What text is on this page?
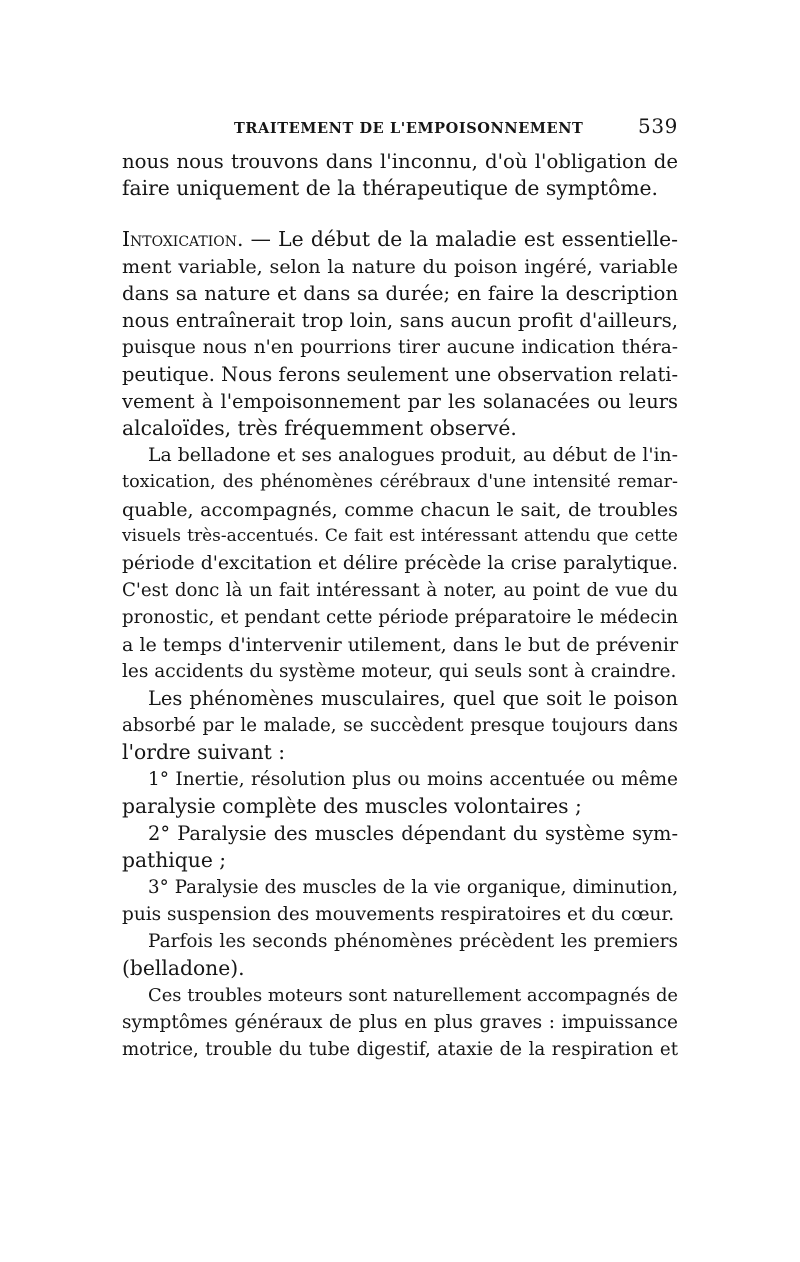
TRAITEMENT DE L'EMPOISONNEMENT	539
nous nous trouvons dans l'inconnu, d'où l'obligation de
faire uniquement de la thérapeutique de symptôme.
Intoxication. — Le début de la maladie est essentielle-
ment variable, selon la nature du poison ingéré, variable
dans sa nature et dans sa durée; en faire la description
nous entraînerait trop loin, sans aucun profit d'ailleurs,
puisque nous n'en pourrions tirer aucune indication théra-
peutique. Nous ferons seulement une observation relati-
vement à l'empoisonnement par les solanacées ou leurs
alcaloïdes, très fréquemment observé.
La belladone et ses analogues produit, au début de l'in-
toxication, des phénomènes cérébraux d'une intensité remar-
quable, accompagnés, comme chacun le sait, de troubles
visuels très-accentués. Ce fait est intéressant attendu que cette
période d'excitation et délire précède la crise paralytique.
C'est donc là un fait intéressant à noter, au point de vue du
pronostic, et pendant cette période préparatoire le médecin
a le temps d'intervenir utilement, dans le but de prévenir
les accidents du système moteur, qui seuls sont à craindre.
Les phénomènes musculaires, quel que soit le poison
absorbé par le malade, se succèdent presque toujours dans
l'ordre suivant :
1° Inertie, résolution plus ou moins accentuée ou même
paralysie complète des muscles volontaires ;
2° Paralysie des muscles dépendant du système sym-
pathique ;
3° Paralysie des muscles de la vie organique, diminution,
puis suspension des mouvements respiratoires et du cœur.
Parfois les seconds phénomènes précèdent les premiers
(belladone).
Ces troubles moteurs sont naturellement accompagnés de
symptômes généraux de plus en plus graves : impuissance
motrice, trouble du tube digestif, ataxie de la respiration et
